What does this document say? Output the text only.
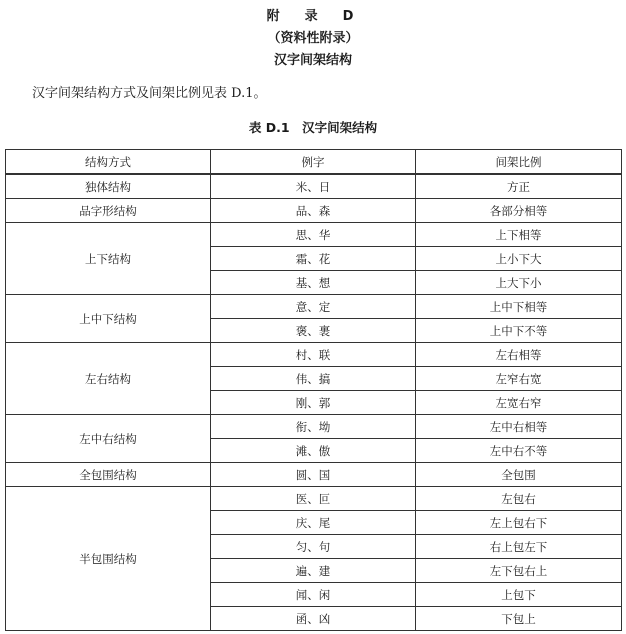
附　录　D
（资料性附录）
汉字间架结构
汉字间架结构方式及间架比例见表 D.1。
表 D.1　汉字间架结构
结构方式	例字	间架比例
独体结构	米、日	方正
品字形结构	品、森	各部分相等
上下结构	思、华	上下相等
	霜、花	上小下大
	基、想	上大下小
上中下结构	意、定	上中下相等
	褒、裹	上中下不等
左右结构	村、联	左右相等
	伟、搞	左窄右宽
	刚、郭	左宽右窄
左中右结构	衔、坳	左中右相等
	滩、傲	左中右不等
全包围结构	圆、国	全包围
半包围结构	医、叵	左包右
	庆、尾	左上包右下
	匀、句	右上包左下
	遍、建	左下包右上
	闻、闲	上包下
	函、凶	下包上
